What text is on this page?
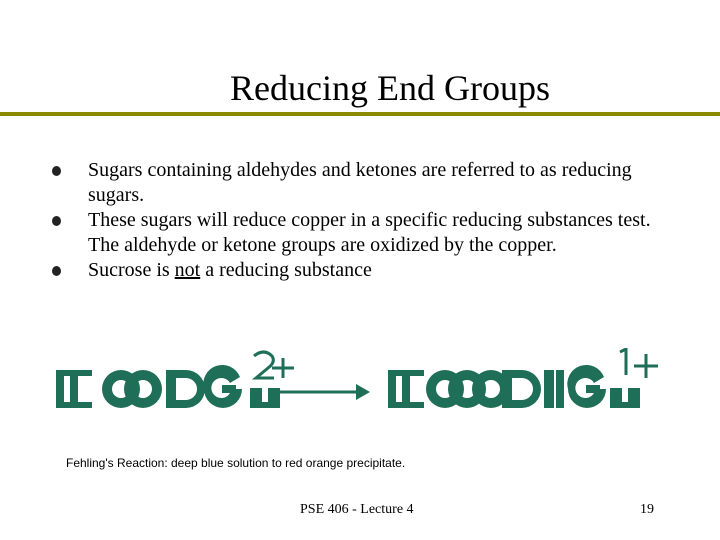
Reducing End Groups
Sugars containing aldehydes and ketones are referred to as reducing sugars.
These sugars will reduce copper in a specific reducing substances test. The aldehyde or ketone groups are oxidized by the copper.
Sucrose is not a reducing substance
Fehling's Reaction: deep blue solution to red orange precipitate.
PSE 406 - Lecture 4	19
